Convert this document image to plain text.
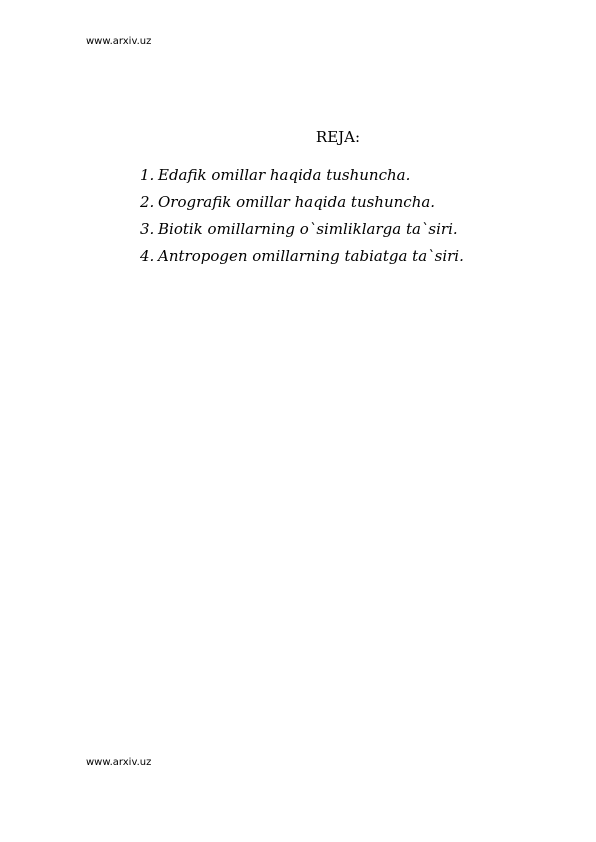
www.arxiv.uz
REJA:
1. Edafik omillar haqida tushuncha.
2. Orografik omillar haqida tushuncha.
3. Biotik omillarning o`simliklarga ta`siri.
4. Antropogen omillarning tabiatga ta`siri.
www.arxiv.uz
